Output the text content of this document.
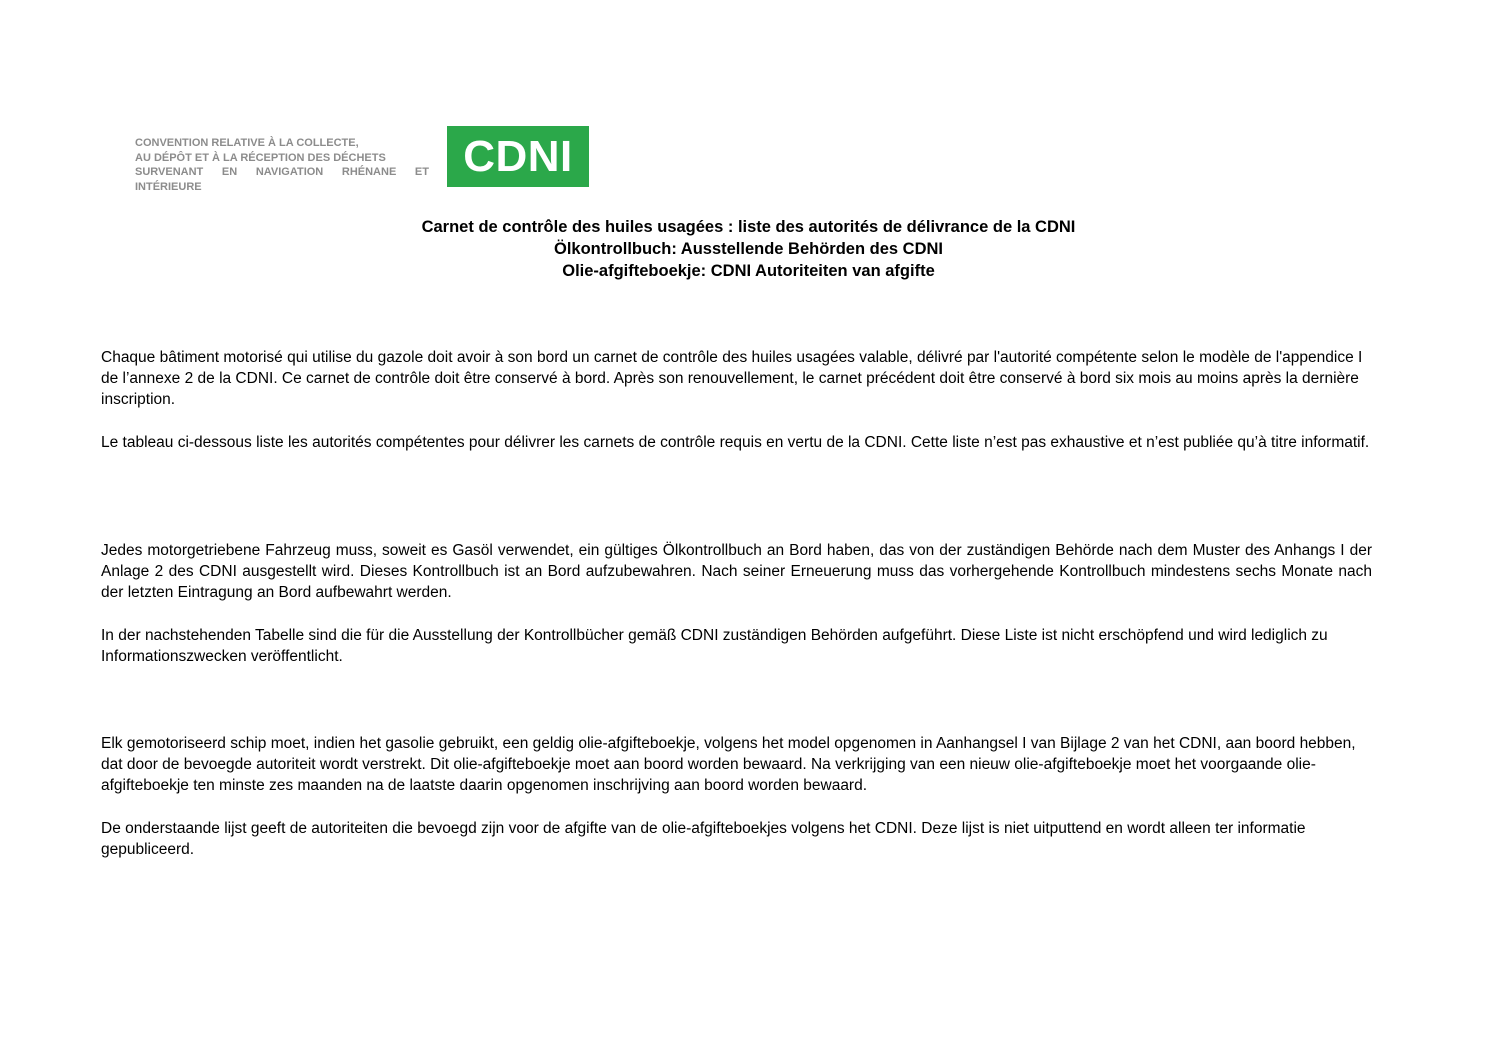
CONVENTION RELATIVE À LA COLLECTE,
AU DÉPÔT ET À LA RÉCEPTION DES DÉCHETS
SURVENANT EN NAVIGATION RHÉNANE ET
INTÉRIEURE
CDNI
Carnet de contrôle des huiles usagées : liste des autorités de délivrance de la CDNI
Ölkontrollbuch: Ausstellende Behörden des CDNI
Olie-afgifteboekje: CDNI Autoriteiten van afgifte

Chaque bâtiment motorisé qui utilise du gazole doit avoir à son bord un carnet de contrôle des huiles usagées valable, délivré par l'autorité compétente selon le modèle de l'appendice I de l’annexe 2 de la CDNI. Ce carnet de contrôle doit être conservé à bord. Après son renouvellement, le carnet précédent doit être conservé à bord six mois au moins après la dernière inscription.

Le tableau ci-dessous liste les autorités compétentes pour délivrer les carnets de contrôle requis en vertu de la CDNI. Cette liste n’est pas exhaustive et n’est publiée qu’à titre informatif.

Jedes motorgetriebene Fahrzeug muss, soweit es Gasöl verwendet, ein gültiges Ölkontrollbuch an Bord haben, das von der zuständigen Behörde nach dem Muster des Anhangs I der Anlage 2 des CDNI ausgestellt wird. Dieses Kontrollbuch ist an Bord aufzubewahren. Nach seiner Erneuerung muss das vorhergehende Kontrollbuch mindestens sechs Monate nach der letzten Eintragung an Bord aufbewahrt werden.

In der nachstehenden Tabelle sind die für die Ausstellung der Kontrollbücher gemäß CDNI zuständigen Behörden aufgeführt. Diese Liste ist nicht erschöpfend und wird lediglich zu Informationszwecken veröffentlicht.

Elk gemotoriseerd schip moet, indien het gasolie gebruikt, een geldig olie-afgifteboekje, volgens het model opgenomen in Aanhangsel I van Bijlage 2 van het CDNI, aan boord hebben, dat door de bevoegde autoriteit wordt verstrekt. Dit olie-afgifteboekje moet aan boord worden bewaard. Na verkrijging van een nieuw olie-afgifteboekje moet het voorgaande olie-afgifteboekje ten minste zes maanden na de laatste daarin opgenomen inschrijving aan boord worden bewaard.

De onderstaande lijst geeft de autoriteiten die bevoegd zijn voor de afgifte van de olie-afgifteboekjes volgens het CDNI. Deze lijst is niet uitputtend en wordt alleen ter informatie gepubliceerd.
